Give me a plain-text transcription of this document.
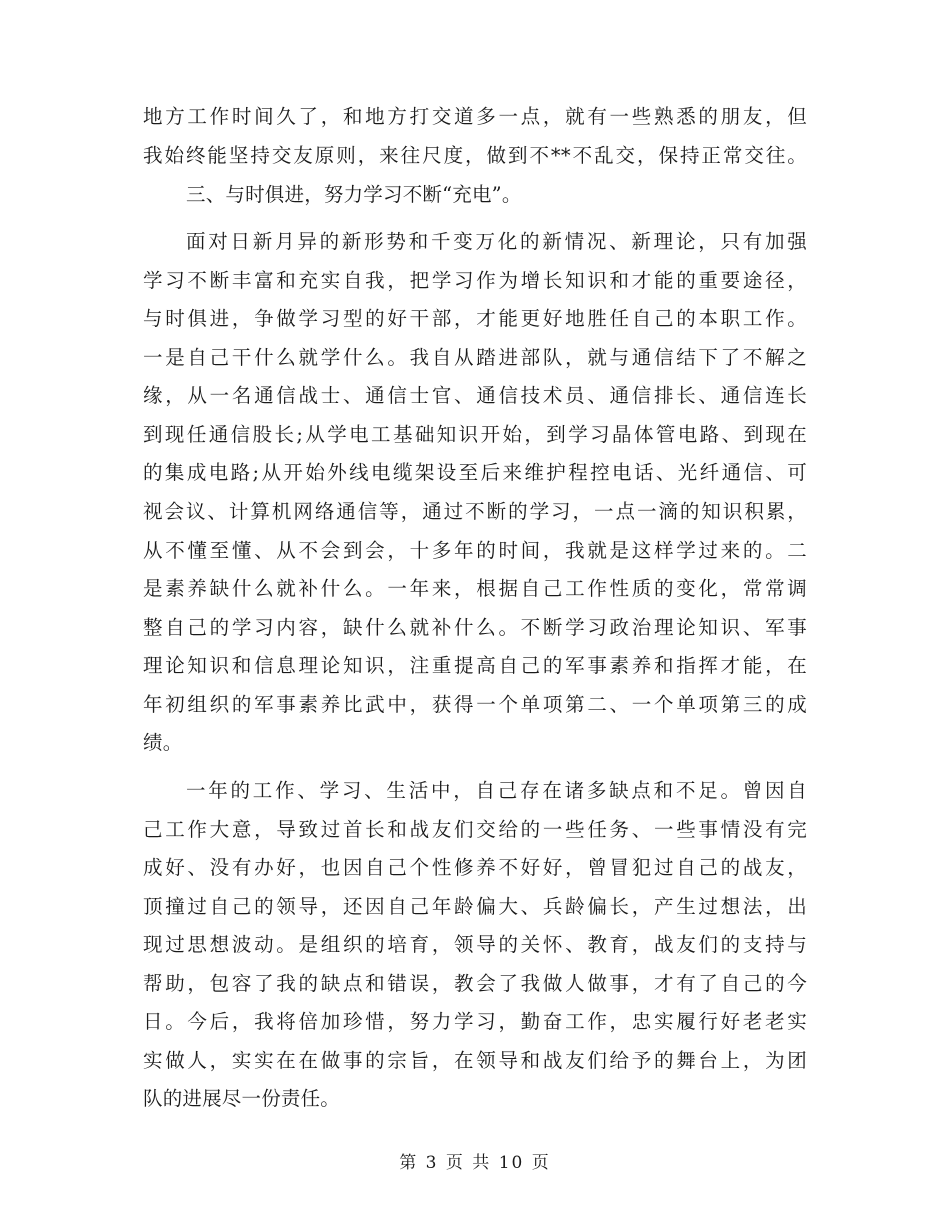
地方工作时间久了，和地方打交道多一点，就有一些熟悉的朋友，但
我始终能坚持交友原则，来往尺度，做到不**不乱交，保持正常交往。
三、与时俱进，努力学习不断“充电”。
面对日新月异的新形势和千变万化的新情况、新理论，只有加强
学习不断丰富和充实自我，把学习作为增长知识和才能的重要途径，
与时俱进，争做学习型的好干部，才能更好地胜任自己的本职工作。
一是自己干什么就学什么。我自从踏进部队，就与通信结下了不解之
缘，从一名通信战士、通信士官、通信技术员、通信排长、通信连长
到现任通信股长;从学电工基础知识开始，到学习晶体管电路、到现在
的集成电路;从开始外线电缆架设至后来维护程控电话、光纤通信、可
视会议、计算机网络通信等，通过不断的学习，一点一滴的知识积累，
从不懂至懂、从不会到会，十多年的时间，我就是这样学过来的。二
是素养缺什么就补什么。一年来，根据自己工作性质的变化，常常调
整自己的学习内容，缺什么就补什么。不断学习政治理论知识、军事
理论知识和信息理论知识，注重提高自己的军事素养和指挥才能，在
年初组织的军事素养比武中，获得一个单项第二、一个单项第三的成
绩。
一年的工作、学习、生活中，自己存在诸多缺点和不足。曾因自
己工作大意，导致过首长和战友们交给的一些任务、一些事情没有完
成好、没有办好，也因自己个性修养不好好，曾冒犯过自己的战友，
顶撞过自己的领导，还因自己年龄偏大、兵龄偏长，产生过想法，出
现过思想波动。是组织的培育，领导的关怀、教育，战友们的支持与
帮助，包容了我的缺点和错误，教会了我做人做事，才有了自己的今
日。今后，我将倍加珍惜，努力学习，勤奋工作，忠实履行好老老实
实做人，实实在在做事的宗旨，在领导和战友们给予的舞台上，为团
队的进展尽一份责任。
第 3 页 共 10 页
